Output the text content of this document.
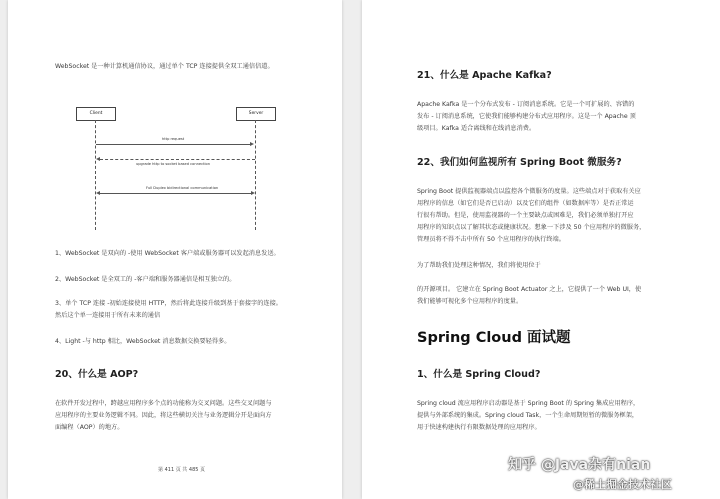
WebSocket 是一种计算机通信协议，通过单个 TCP 连接提供全双工通信信道。

Client	Server
http request
upgrade http to socket based connection
Full Duplex bidirectional communication

1、WebSocket 是双向的 -使用 WebSocket 客户端或服务器可以发起消息发送。

2、WebSocket 是全双工的 -客户端和服务器通信是相互独立的。

3、单个 TCP 连接 -初始连接使用 HTTP，然后将此连接升级到基于套接字的连接。

然后这个单一连接用于所有未来的通信

4、Light -与 http 相比，WebSocket 消息数据交换要轻得多。

20、什么是 AOP?

在软件开发过程中，跨越应用程序多个点的功能称为交叉问题。这些交叉问题与

应用程序的主要业务逻辑不同。因此，将这些横切关注与业务逻辑分开是面向方

面编程（AOP）的地方。

第 411 页 共 485 页

21、什么是 Apache Kafka?

Apache Kafka 是一个分布式发布 - 订阅消息系统。它是一个可扩展的、容错的

发布 - 订阅消息系统，它使我们能够构建分布式应用程序。这是一个 Apache 顶

级项目。Kafka 适合离线和在线消息消费。

22、我们如何监视所有 Spring Boot 微服务?

Spring Boot 提供监视器端点以监控各个微服务的度量。这些端点对于获取有关应

用程序的信息（如它们是否已启动）以及它们的组件（如数据库等）是否正常运

行很有帮助。但是，使用监视器的一个主要缺点或困难是，我们必须单独打开应

用程序的知识点以了解其状态或健康状况。想象一下涉及 50 个应用程序的微服务，

管理员将不得不击中所有 50 个应用程序的执行终端。

为了帮助我们处理这种情况，我们将使用位于

的开源项目。 它建立在 Spring Boot Actuator 之上，它提供了一个 Web UI，使

我们能够可视化多个应用程序的度量。

Spring Cloud 面试题

1、什么是 Spring Cloud?

Spring cloud 流应用程序启动器是基于 Spring Boot 的 Spring 集成应用程序，

提供与外部系统的集成。Spring cloud Task，一个生命周期短暂的微服务框架，

用于快速构建执行有限数据处理的应用程序。

知乎 @Java杂有nian
@稀土掘金技术社区
